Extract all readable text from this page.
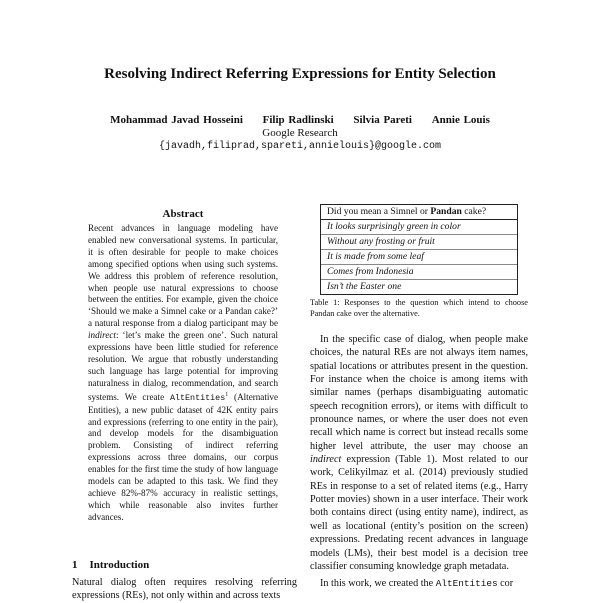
Resolving Indirect Referring Expressions for Entity Selection
Mohammad Javad Hosseini Filip Radlinski Silvia Pareti Annie Louis
Google Research
{javadh,filiprad,spareti,annielouis}@google.com
Abstract
Recent advances in language modeling have enabled new conversational systems. In particular, it is often desirable for people to make choices among specified options when using such systems. We address this problem of reference resolution, when people use natural expressions to choose between the entities. For example, given the choice ‘Should we make a Simnel cake or a Pandan cake?’ a natural response from a dialog participant may be indirect: ‘let’s make the green one’. Such natural expressions have been little studied for reference resolution. We argue that robustly understanding such language has large potential for improving naturalness in dialog, recommendation, and search systems. We create AltEntities$^1$ (Alternative Entities), a new public dataset of 42K entity pairs and expressions (referring to one entity in the pair), and develop models for the disambiguation problem. Consisting of indirect referring expressions across three domains, our corpus enables for the first time the study of how language models can be adapted to this task. We find they achieve 82%-87% accuracy in realistic settings, which while reasonable also invites further advances.
1 Introduction
Natural dialog often requires resolving referring expressions (REs), not only within and across texts
Did you mean a Simnel or Pandan cake?
It looks surprisingly green in color
Without any frosting or fruit
It is made from some leaf
Comes from Indonesia
Isn’t the Easter one
Table 1: Responses to the question which intend to choose Pandan cake over the alternative.

In the specific case of dialog, when people make choices, the natural REs are not always item names, spatial locations or attributes present in the question. For instance when the choice is among items with similar names (perhaps disambiguating automatic speech recognition errors), or items with difficult to pronounce names, or where the user does not even recall which name is correct but instead recalls some higher level attribute, the user may choose an indirect expression (Table 1). Most related to our work, Celikyilmaz et al. (2014) previously studied REs in response to a set of related items (e.g., Harry Potter movies) shown in a user interface. Their work both contains direct (using entity name), indirect, as well as locational (entity’s position on the screen) expressions. Predating recent advances in language models (LMs), their best model is a decision tree classifier consuming knowledge graph metadata.

In this work, we created the AltEntities cor
